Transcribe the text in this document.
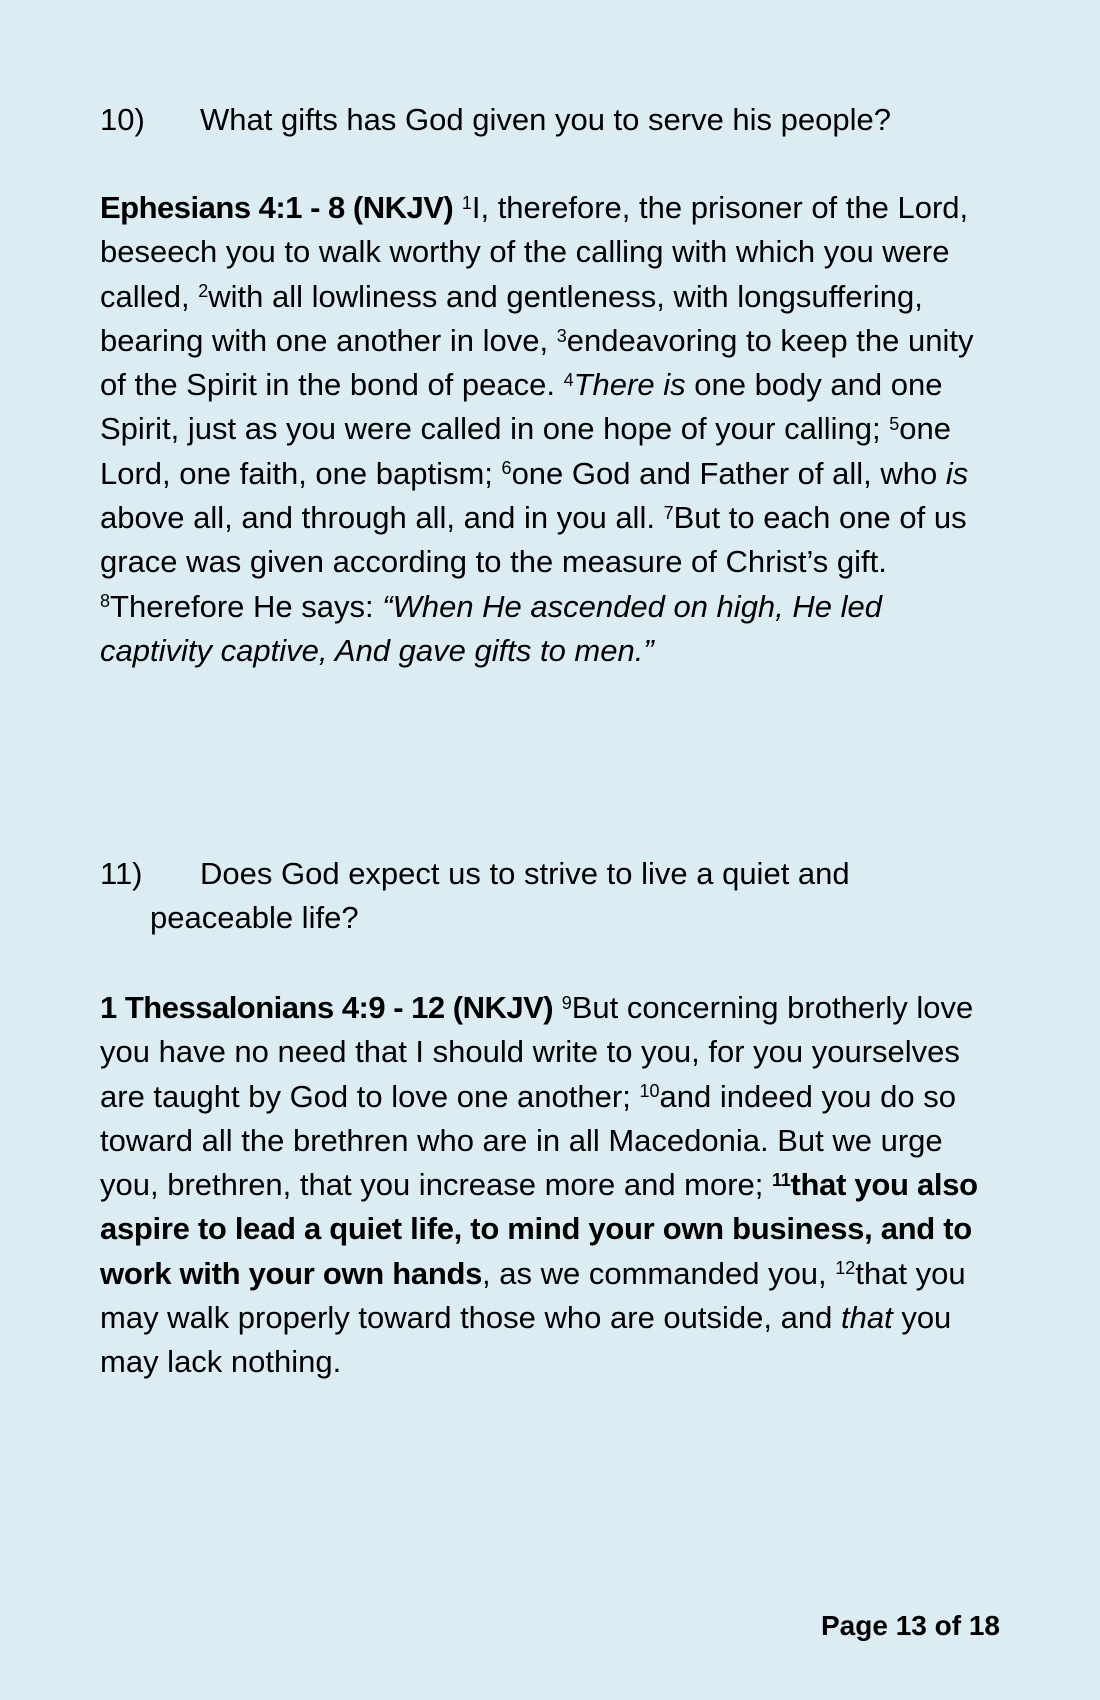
10) What gifts has God given you to serve his people?
Ephesians 4:1 - 8 (NKJV) $^1$I, therefore, the prisoner of the Lord, beseech you to walk worthy of the calling with which you were called, $^2$with all lowliness and gentleness, with longsuffering, bearing with one another in love, $^3$endeavoring to keep the unity of the Spirit in the bond of peace. $^4$There is one body and one Spirit, just as you were called in one hope of your calling; $^5$one Lord, one faith, one baptism; $^6$one God and Father of all, who is above all, and through all, and in you all. $^7$But to each one of us grace was given according to the measure of Christ’s gift. $^8$Therefore He says: “When He ascended on high, He led captivity captive, And gave gifts to men.”
11) Does God expect us to strive to live a quiet and
peaceable life?
1 Thessalonians 4:9 - 12 (NKJV) $^9$But concerning brotherly love you have no need that I should write to you, for you yourselves are taught by God to love one another; $^{10}$and indeed you do so toward all the brethren who are in all Macedonia. But we urge you, brethren, that you increase more and more; $^{11}$that you also aspire to lead a quiet life, to mind your own business, and to work with your own hands, as we commanded you, $^{12}$that you may walk properly toward those who are outside, and that you may lack nothing.
Page 13 of 18
